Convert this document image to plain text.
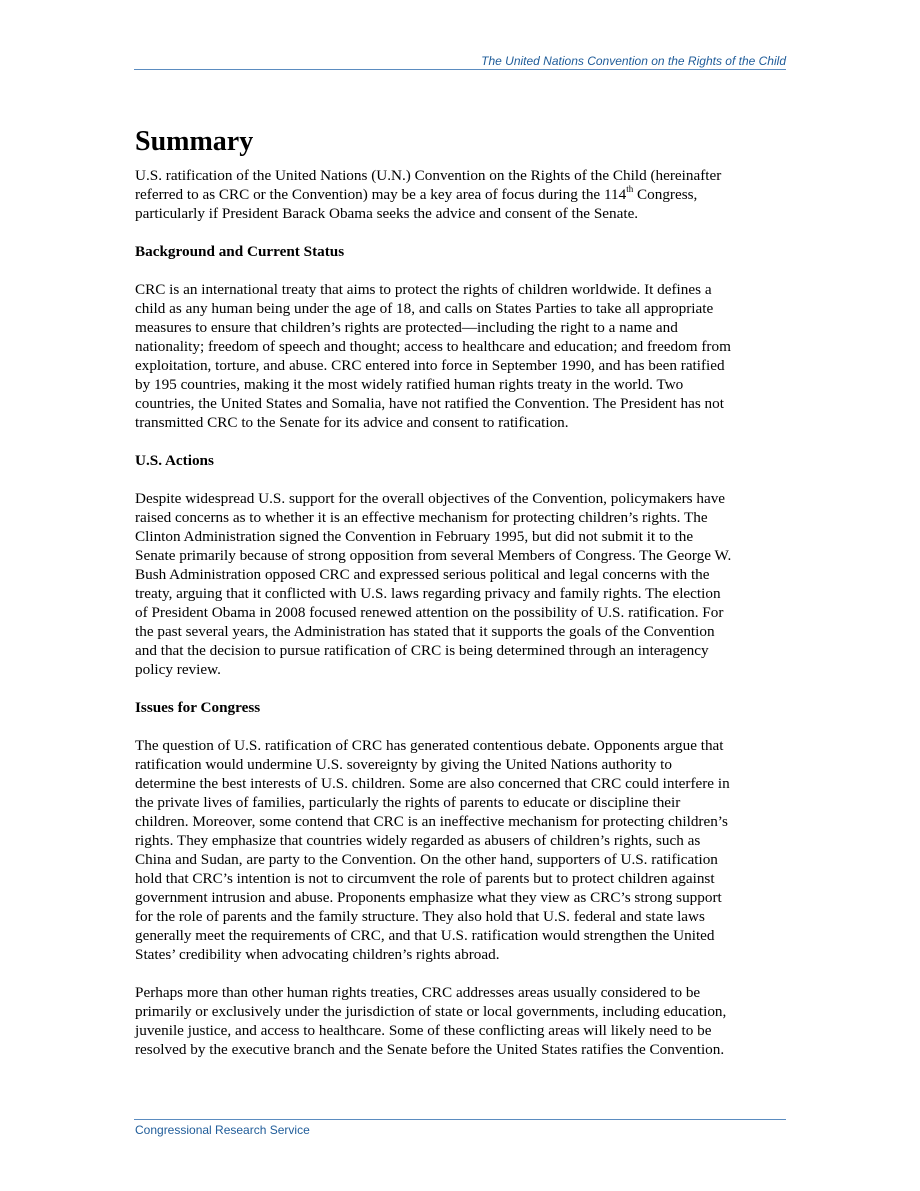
The United Nations Convention on the Rights of the Child
Summary

U.S. ratification of the United Nations (U.N.) Convention on the Rights of the Child (hereinafter
referred to as CRC or the Convention) may be a key area of focus during the 114th Congress,
particularly if President Barack Obama seeks the advice and consent of the Senate.

Background and Current Status

CRC is an international treaty that aims to protect the rights of children worldwide. It defines a
child as any human being under the age of 18, and calls on States Parties to take all appropriate
measures to ensure that children’s rights are protected—including the right to a name and
nationality; freedom of speech and thought; access to healthcare and education; and freedom from
exploitation, torture, and abuse. CRC entered into force in September 1990, and has been ratified
by 195 countries, making it the most widely ratified human rights treaty in the world. Two
countries, the United States and Somalia, have not ratified the Convention. The President has not
transmitted CRC to the Senate for its advice and consent to ratification.

U.S. Actions

Despite widespread U.S. support for the overall objectives of the Convention, policymakers have
raised concerns as to whether it is an effective mechanism for protecting children’s rights. The
Clinton Administration signed the Convention in February 1995, but did not submit it to the
Senate primarily because of strong opposition from several Members of Congress. The George W.
Bush Administration opposed CRC and expressed serious political and legal concerns with the
treaty, arguing that it conflicted with U.S. laws regarding privacy and family rights. The election
of President Obama in 2008 focused renewed attention on the possibility of U.S. ratification. For
the past several years, the Administration has stated that it supports the goals of the Convention
and that the decision to pursue ratification of CRC is being determined through an interagency
policy review.

Issues for Congress

The question of U.S. ratification of CRC has generated contentious debate. Opponents argue that
ratification would undermine U.S. sovereignty by giving the United Nations authority to
determine the best interests of U.S. children. Some are also concerned that CRC could interfere in
the private lives of families, particularly the rights of parents to educate or discipline their
children. Moreover, some contend that CRC is an ineffective mechanism for protecting children’s
rights. They emphasize that countries widely regarded as abusers of children’s rights, such as
China and Sudan, are party to the Convention. On the other hand, supporters of U.S. ratification
hold that CRC’s intention is not to circumvent the role of parents but to protect children against
government intrusion and abuse. Proponents emphasize what they view as CRC’s strong support
for the role of parents and the family structure. They also hold that U.S. federal and state laws
generally meet the requirements of CRC, and that U.S. ratification would strengthen the United
States’ credibility when advocating children’s rights abroad.

Perhaps more than other human rights treaties, CRC addresses areas usually considered to be
primarily or exclusively under the jurisdiction of state or local governments, including education,
juvenile justice, and access to healthcare. Some of these conflicting areas will likely need to be
resolved by the executive branch and the Senate before the United States ratifies the Convention.

Congressional Research Service
